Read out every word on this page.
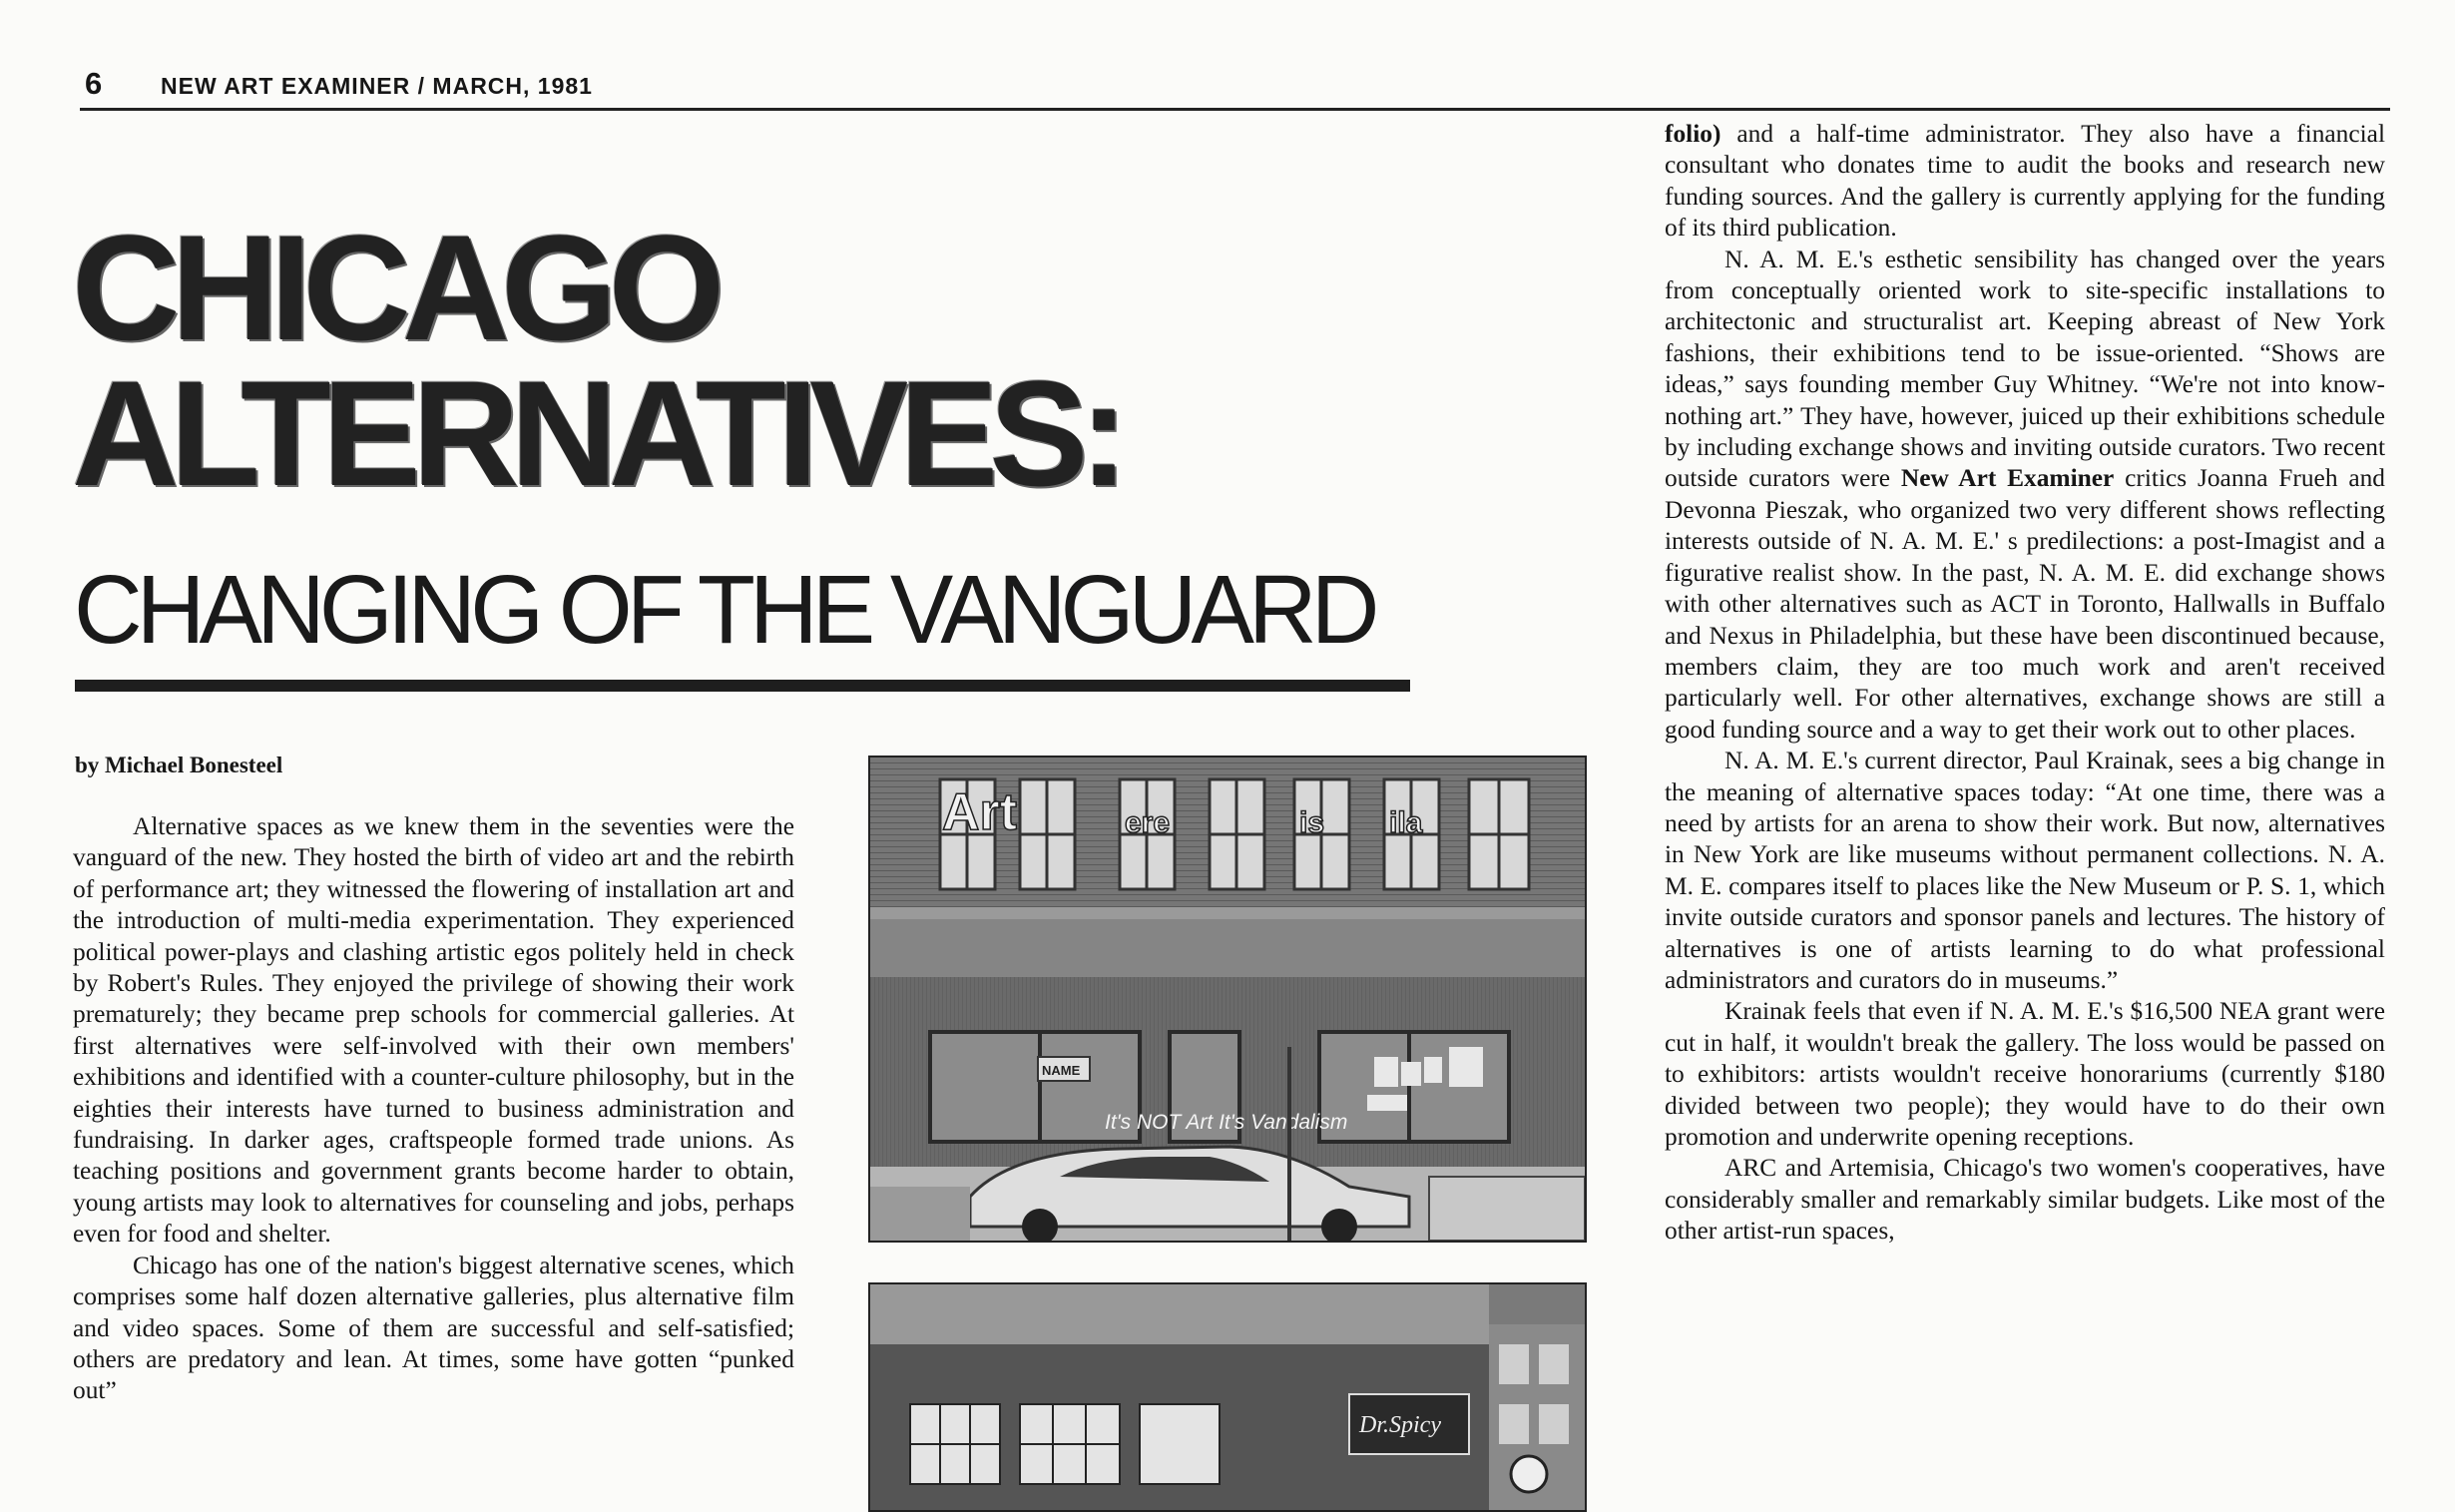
6	NEW ART EXAMINER / MARCH, 1981
CHICAGO
ALTERNATIVES:
CHANGING OF THE VANGUARD
by Michael Bonesteel

Alternative spaces as we knew them in the seventies were the vanguard of the new. They hosted the birth of video art and the rebirth of performance art; they witnessed the flowering of installation art and the introduction of multi-media experimentation. They experienced political power-plays and clashing artistic egos politely held in check by Robert's Rules. They enjoyed the privilege of showing their work prematurely; they became prep schools for commercial galleries. At first alternatives were self-involved with their own members' exhibitions and identified with a counter-culture philosophy, but in the eighties their interests have turned to business administration and fundraising. In darker ages, craftspeople formed trade unions. As teaching positions and government grants become harder to obtain, young artists may look to alternatives for counseling and jobs, perhaps even for food and shelter.

Chicago has one of the nation's biggest alternative scenes, which comprises some half dozen alternative galleries, plus alternative film and video spaces. Some of them are successful and self-satisfied; others are predatory and lean. At times, some have gotten “punked out”

Art	ere	is ila
NAME
It's NOT Art It's Vandalism
Dr.Spicy

folio) and a half-time administrator. They also have a financial consultant who donates time to audit the books and research new funding sources. And the gallery is currently applying for the funding of its third publication.

N. A. M. E.'s esthetic sensibility has changed over the years from conceptually oriented work to site-specific installations to architectonic and structuralist art. Keeping abreast of New York fashions, their exhibitions tend to be issue-oriented. “Shows are ideas,” says founding member Guy Whitney. “We're not into know-nothing art.” They have, however, juiced up their exhibitions schedule by including exchange shows and inviting outside curators. Two recent outside curators were New Art Examiner critics Joanna Frueh and Devonna Pieszak, who organized two very different shows reflecting interests outside of N. A. M. E.' s predilections: a post-Imagist and a figurative realist show. In the past, N. A. M. E. did exchange shows with other alternatives such as ACT in Toronto, Hallwalls in Buffalo and Nexus in Philadelphia, but these have been discontinued because, members claim, they are too much work and aren't received particularly well. For other alternatives, exchange shows are still a good funding source and a way to get their work out to other places.

N. A. M. E.'s current director, Paul Krainak, sees a big change in the meaning of alternative spaces today: “At one time, there was a need by artists for an arena to show their work. But now, alternatives in New York are like museums without permanent collections. N. A. M. E. compares itself to places like the New Museum or P. S. 1, which invite outside curators and sponsor panels and lectures. The history of alternatives is one of artists learning to do what professional administrators and curators do in museums.”

Krainak feels that even if N. A. M. E.'s $16,500 NEA grant were cut in half, it wouldn't break the gallery. The loss would be passed on to exhibitors: artists wouldn't receive honorariums (currently $180 divided between two people); they would have to do their own promotion and underwrite opening receptions.

ARC and Artemisia, Chicago's two women's cooperatives, have considerably smaller and remarkably similar budgets. Like most of the other artist-run spaces,
